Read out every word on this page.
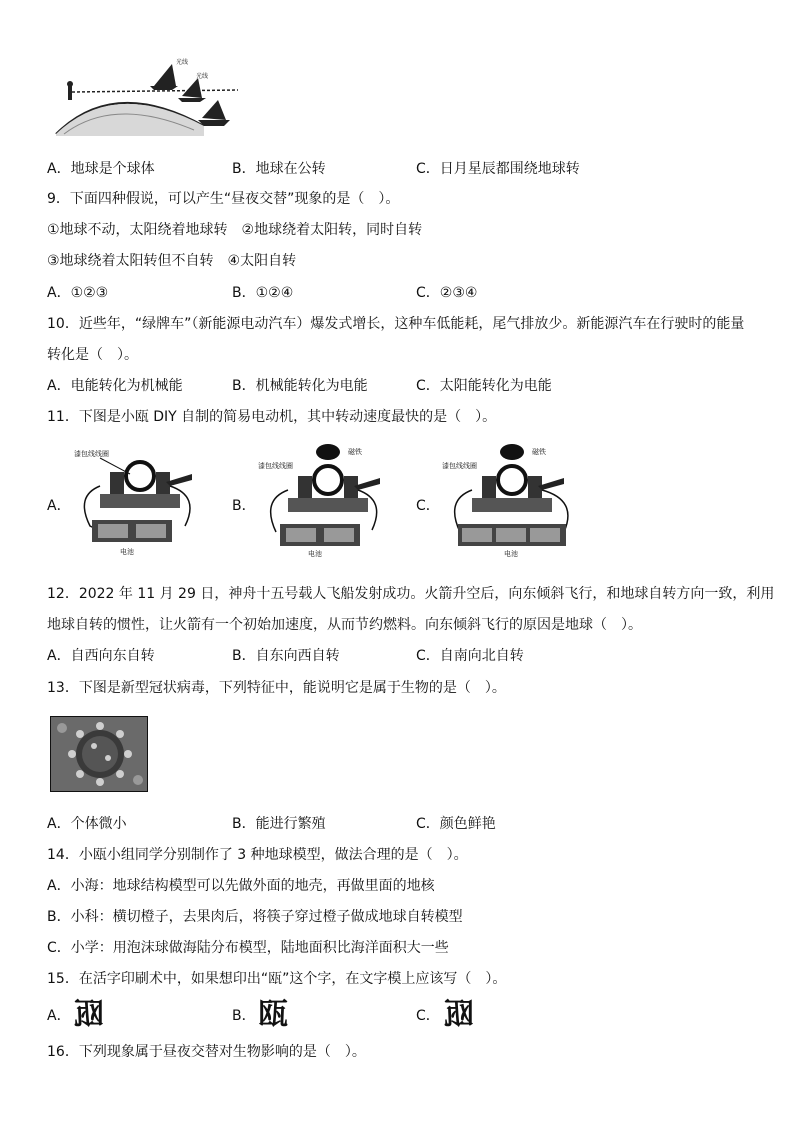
光线
光线
A．地球是个球体	B．地球在公转	C．日月星辰都围绕地球转
9．下面四种假说，可以产生“昼夜交替”现象的是（　）。
①地球不动，太阳绕着地球转　②地球绕着太阳转，同时自转
③地球绕着太阳转但不自转　④太阳自转
A．①②③	B．①②④	C．②③④
10．近些年，“绿牌车”（新能源电动汽车）爆发式增长，这种车低能耗，尾气排放少。新能源汽车在行驶时的能量
转化是（　）。
A．电能转化为机械能	B．机械能转化为电能	C．太阳能转化为电能
11．下图是小瓯 DIY 自制的简易电动机，其中转动速度最快的是（　）。
A．
漆包线线圈
电池
B．
漆包线线圈
磁铁
电池
C．
漆包线线圈
磁铁
电池
12．2022 年 11 月 29 日，神舟十五号载人飞船发射成功。火箭升空后，向东倾斜飞行，和地球自转方向一致，利用
地球自转的惯性，让火箭有一个初始加速度，从而节约燃料。向东倾斜飞行的原因是地球（　）。
A．自西向东自转	B．自东向西自转	C．自南向北自转
13．下图是新型冠状病毒，下列特征中，能说明它是属于生物的是（　）。
A．个体微小	B．能进行繁殖	C．颜色鲜艳
14．小瓯小组同学分别制作了 3 种地球模型，做法合理的是（　）。
A．小海：地球结构模型可以先做外面的地壳，再做里面的地核
B．小科：横切橙子，去果肉后，将筷子穿过橙子做成地球自转模型
C．小学：用泡沫球做海陆分布模型，陆地面积比海洋面积大一些
15．在活字印刷术中，如果想印出“瓯”这个字，在文字模上应该写（　）。
A． 瓯	B． 瓯	C． 瓯
16．下列现象属于昼夜交替对生物影响的是（　）。
